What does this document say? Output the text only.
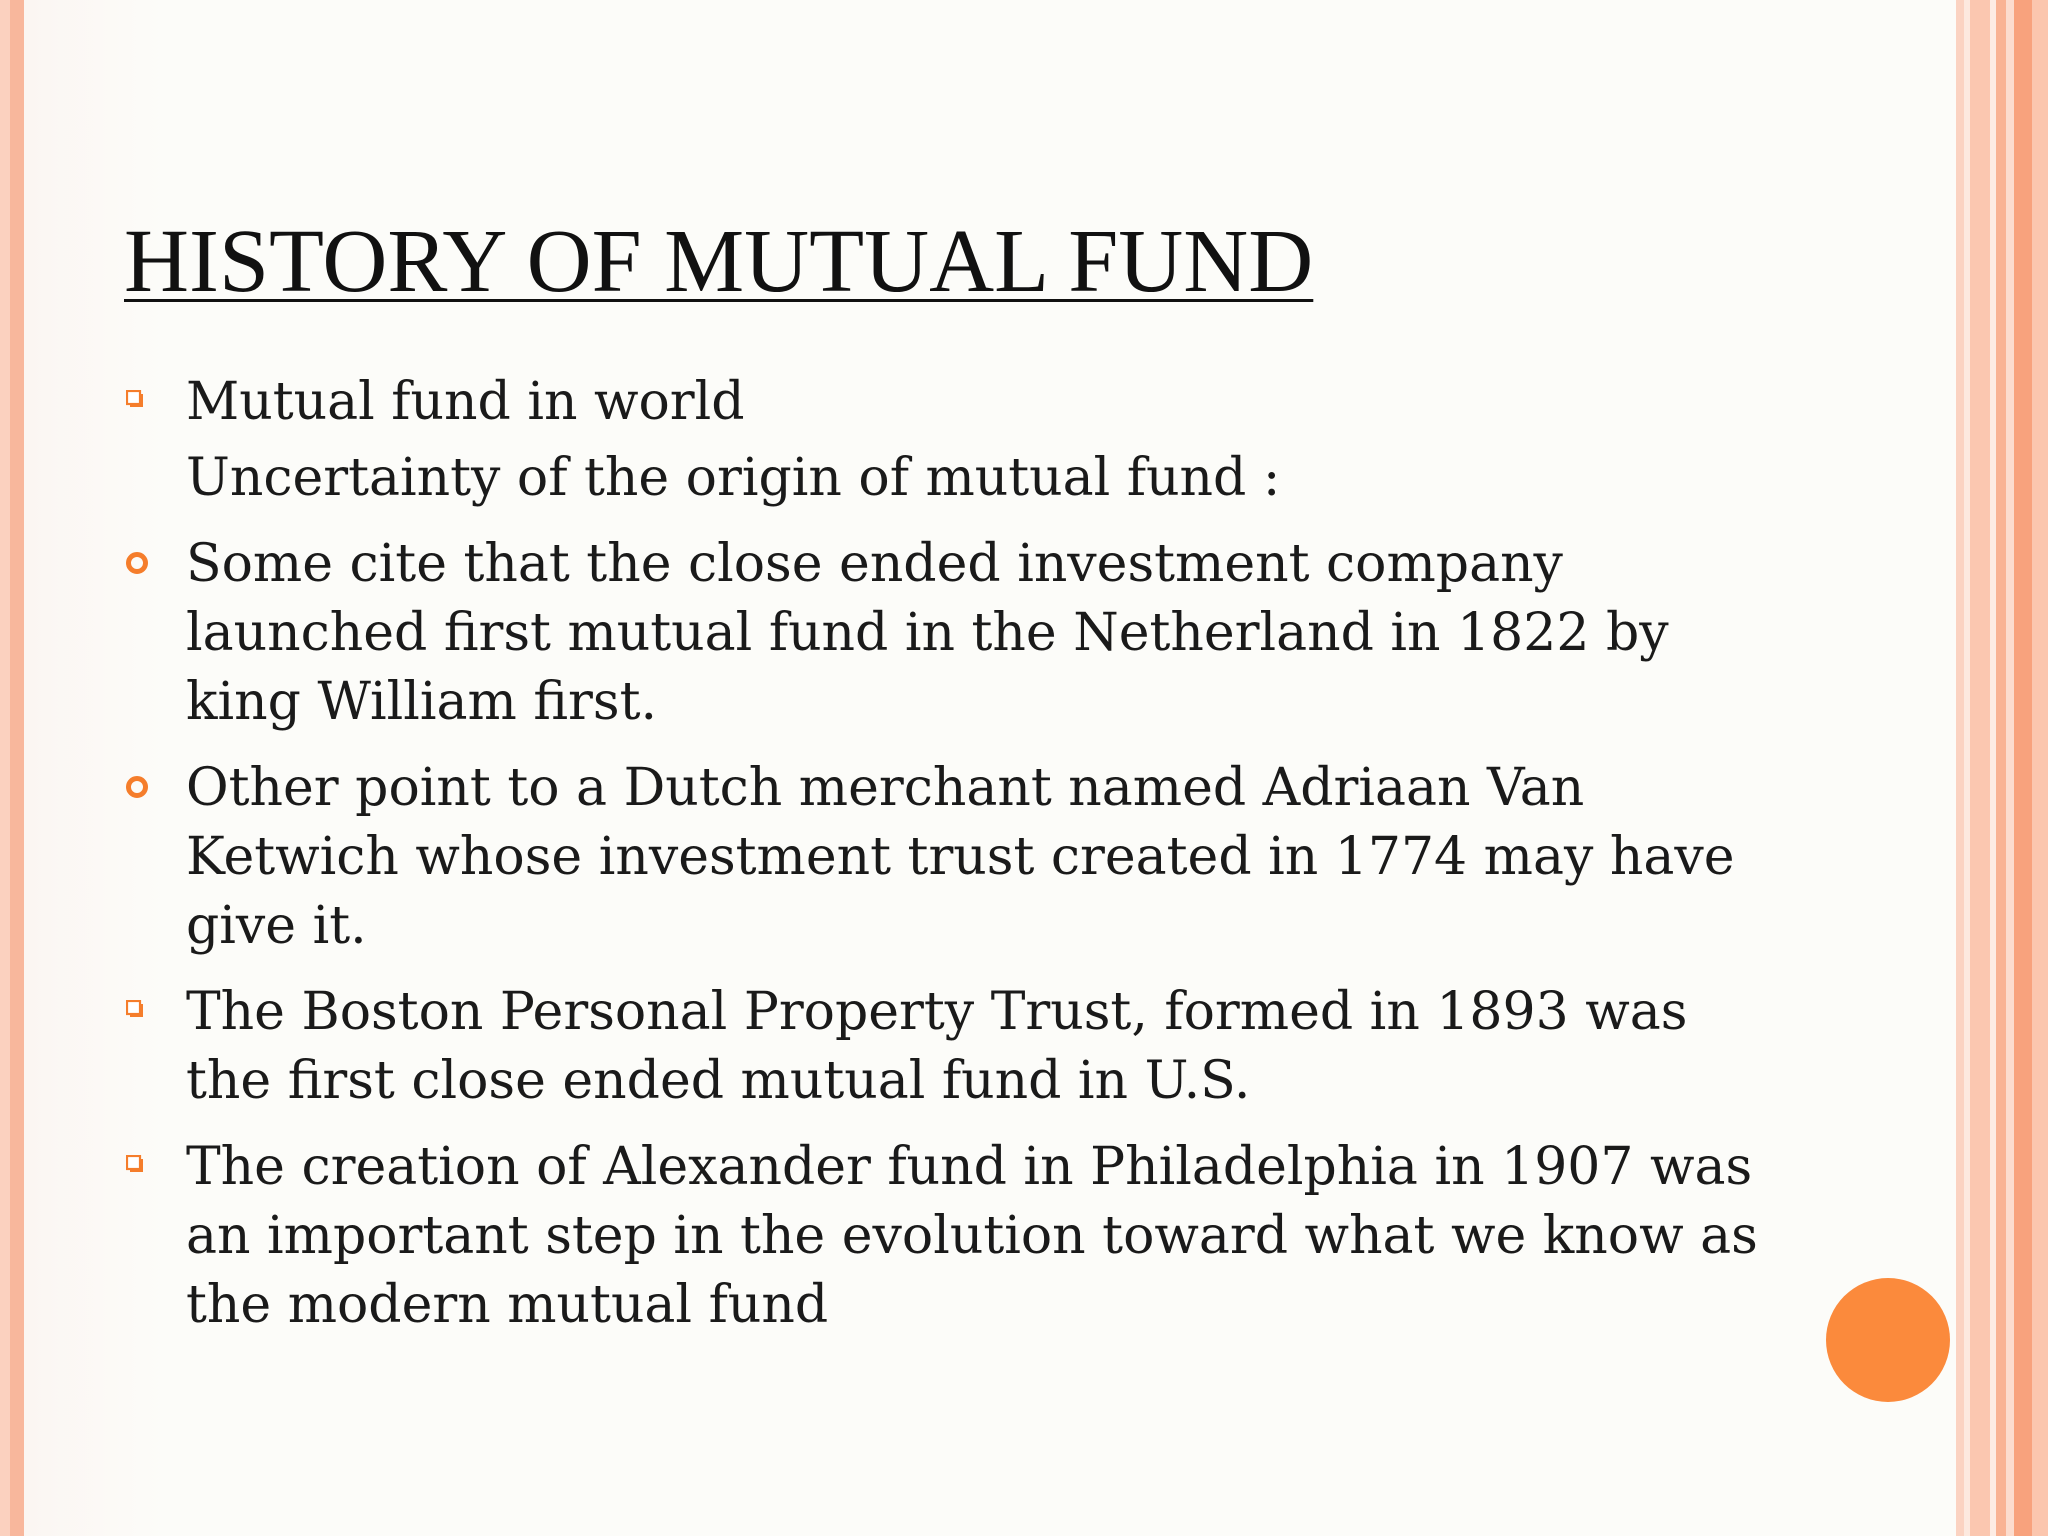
HISTORY OF MUTUAL FUND
Mutual fund in world
Uncertainty of the origin of mutual fund :
Some cite that the close ended investment company launched first mutual fund in the Netherland in 1822 by king William first.
Other point to a Dutch merchant named Adriaan Van Ketwich whose investment trust created in 1774 may have give it.
The Boston Personal Property Trust, formed in 1893 was the first close ended mutual fund in U.S.
The creation of Alexander fund in Philadelphia in 1907 was an important step in the evolution toward what we know as the modern mutual fund
